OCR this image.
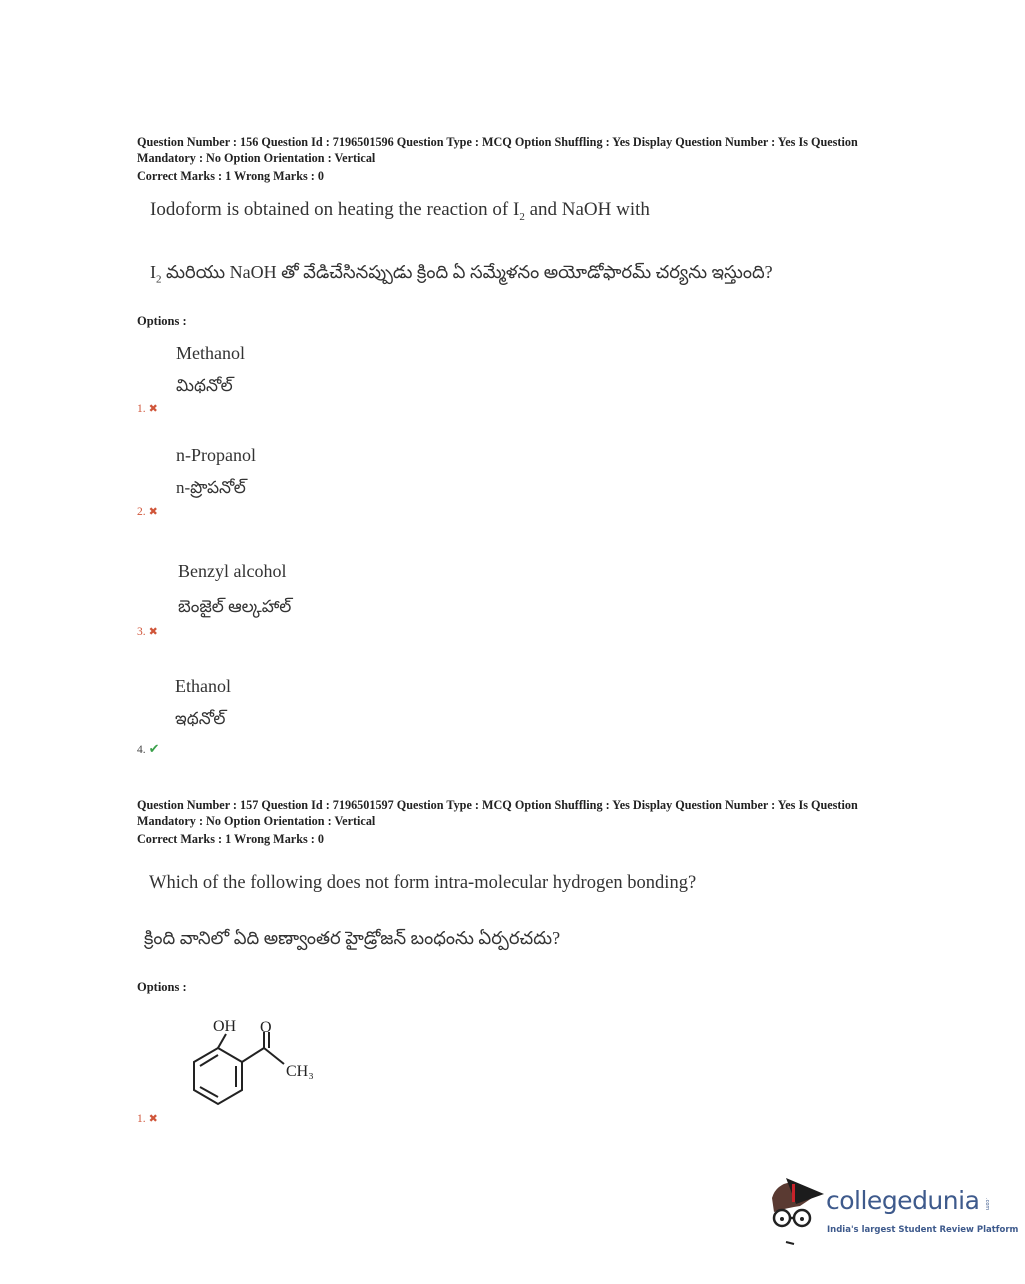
Question Number : 156 Question Id : 7196501596 Question Type : MCQ Option Shuffling : Yes Display Question Number : Yes Is Question
Mandatory : No Option Orientation : Vertical
Correct Marks : 1 Wrong Marks : 0
Iodoform is obtained on heating the reaction of $I_2$ and NaOH with
$I_2$ మరియు NaOH తో వేడిచేసినప్పుడు క్రింది ఏ సమ్మేళనం అయోడోఫారమ్ చర్యను ఇస్తుంది?
Options :
Methanol
మిథనోల్
1. ✖
n-Propanol
n-ప్రొపనోల్
2. ✖
Benzyl alcohol
బెంజైల్ ఆల్కహాల్
3. ✖
Ethanol
ఇథనోల్
4. ✔
Question Number : 157 Question Id : 7196501597 Question Type : MCQ Option Shuffling : Yes Display Question Number : Yes Is Question
Mandatory : No Option Orientation : Vertical
Correct Marks : 1 Wrong Marks : 0
Which of the following does not form intra-molecular hydrogen bonding?
క్రింది వానిలో ఏది అణ్వాంతర హైడ్రోజన్ బంధంను ఏర్పరచదు?
Options :
OH O
CH₃
1. ✖
collegedunia .com
India's largest Student Review Platform
